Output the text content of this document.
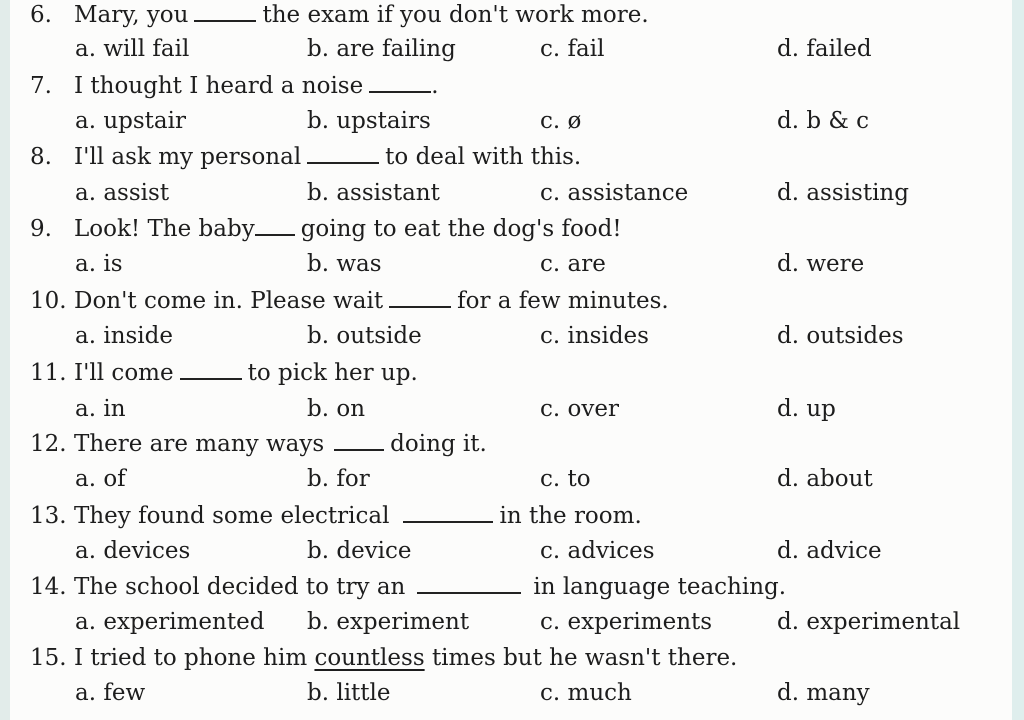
6. Mary, you	the exam if you don't work more.
a. will fail	b. are failing	c. fail	d. failed
7. I thought I heard a noise	.
a. upstair	b. upstairs	c. ø	d. b & c
8. I'll ask my personal	to deal with this.
a. assist	b. assistant	c. assistance	d. assisting
9. Look! The baby going to eat the dog's food!
a. is	b. was	c. are	d. were
10. Don't come in. Please wait	for a few minutes.
a. inside	b. outside	c. insides	d. outsides
11. I'll come	to pick her up.
a. in	b. on	c. over	d. up
12. There are many ways	doing it.
a. of	b. for	c. to	d. about
13. They found some electrical	in the room.
a. devices	b. device	c. advices	d. advice
14. The school decided to try an	in language teaching.
a. experimented b. experiment	c. experiments	d. experimental
15. I tried to phone him countless times but he wasn't there.
a. few	b. little	c. much	d. many
